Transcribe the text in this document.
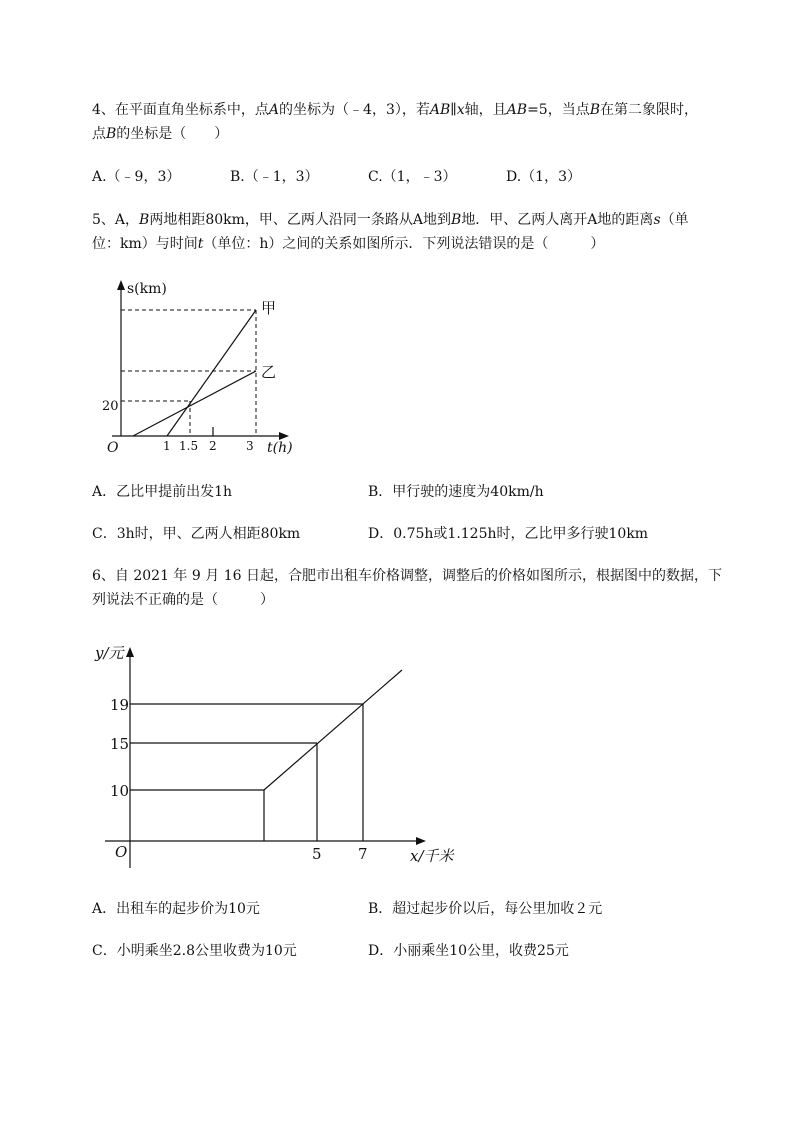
4、在平面直角坐标系中，点A的坐标为（﹣4，3），若AB∥x轴，且AB=5，当点B在第二象限时，
点B的坐标是（　　）
A.（﹣9，3）	B.（﹣1，3）	C.（1，﹣3）	D.（1，3）
5、A，B两地相距80km，甲、乙两人沿同一条路从A地到B地．甲、乙两人离开A地的距离s（单
位：km）与时间t（单位：h）之间的关系如图所示．下列说法错误的是（　　　）
s(km)
t(h)
O
20
1 1.5 2 3
甲
乙
A．乙比甲提前出发1h	B．甲行驶的速度为40km/h
C．3h时，甲、乙两人相距80km	D．0.75h或1.125h时，乙比甲多行驶10km
6、自 2021 年 9 月 16 日起，合肥市出租车价格调整，调整后的价格如图所示，根据图中的数据，下
列说法不正确的是（　　　）
y/元
x/千米
O
19
15
10
5 7
A．出租车的起步价为10元	B．超过起步价以后，每公里加收２元
C．小明乘坐2.8公里收费为10元	D．小丽乘坐10公里，收费25元
